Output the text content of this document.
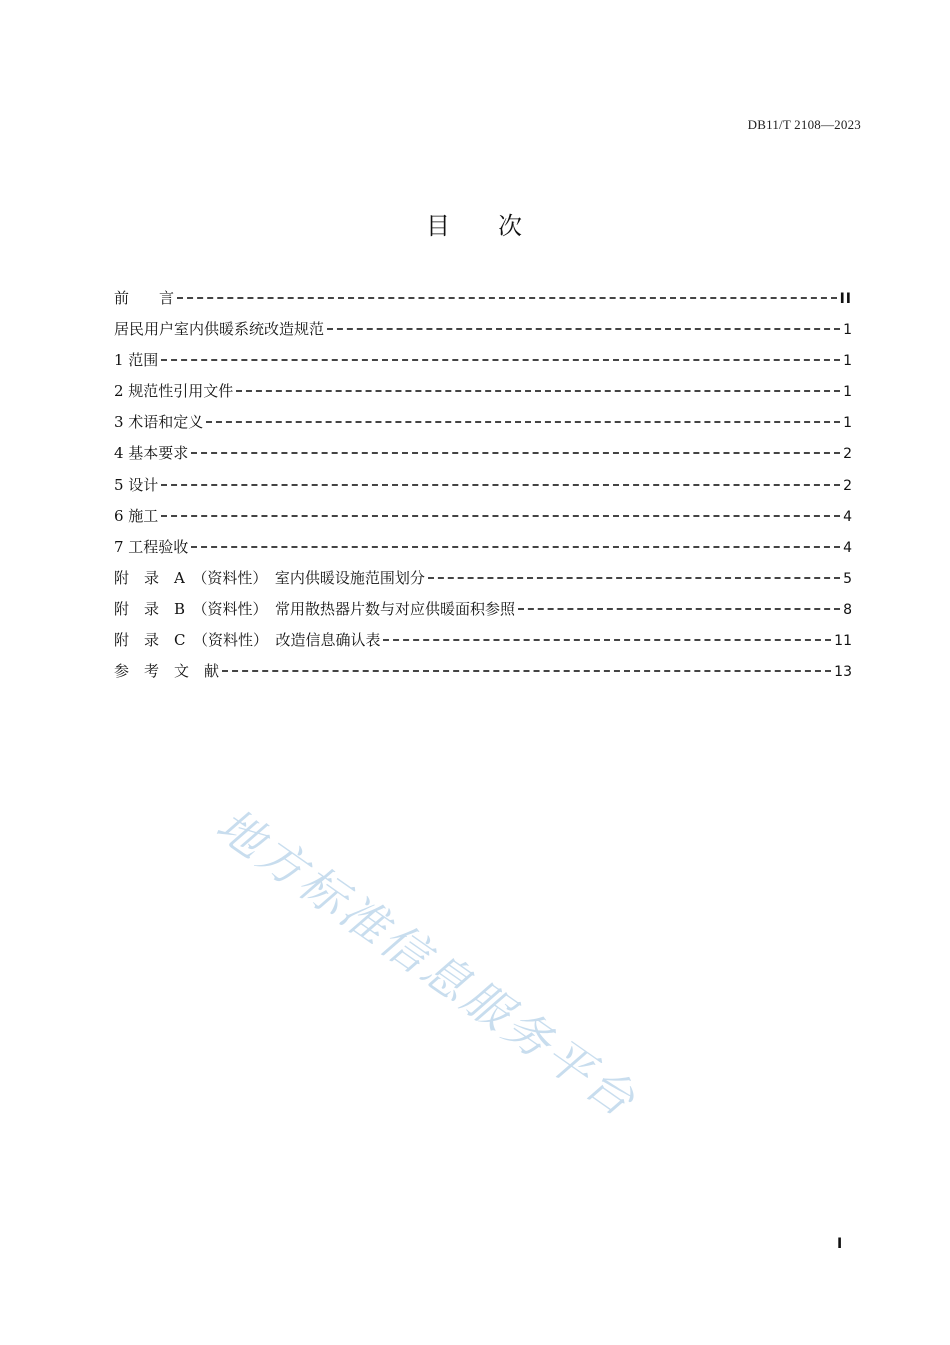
DB11/T 2108—2023
目 次
前　　言	II
居民用户室内供暖系统改造规范	1
1 范围	1
2 规范性引用文件	1
3 术语和定义	1
4 基本要求	2
5 设计	2
6 施工	4
7 工程验收	4
附　录　A　（资料性）　室内供暖设施范围划分	5
附　录　B　（资料性）　常用散热器片数与对应供暖面积参照	8
附　录　C　（资料性）　改造信息确认表	11
参　考　文　献	13
地方标准信息服务平台
I
